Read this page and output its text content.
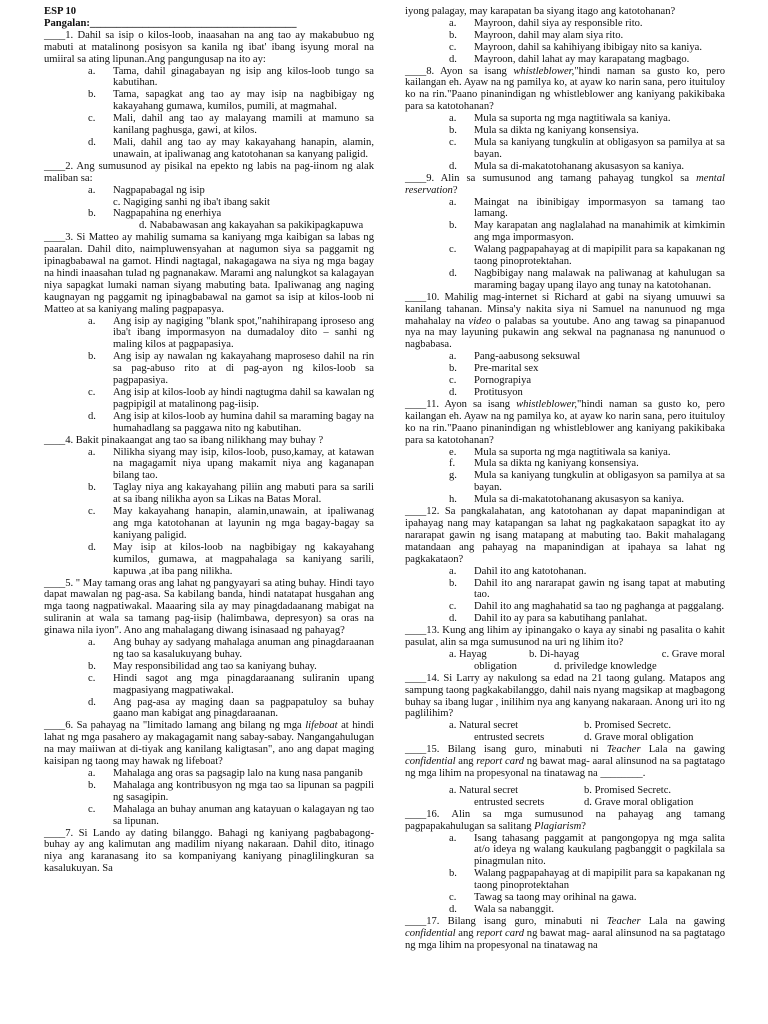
ESP 10
Pangalan:_______________________________________
____1. Dahil sa isip o kilos-loob, inaasahan na ang tao ay makabubuo ng mabuti at matalinong posisyon sa kanila ng ibat' ibang isyung moral na umiiral sa ating lipunan.Ang pangungusap na ito ay:
a.	Tama, dahil ginagabayan ng isip ang kilos-loob tungo sa kabutihan.
b.	Tama, sapagkat ang tao ay may isip na nagbibigay ng kakayahang gumawa, kumilos, pumili, at magmahal.
c.	Mali, dahil ang tao ay malayang mamili at mamuno sa kanilang paghusga, gawi, at kilos.
d.	Mali, dahil ang tao ay may kakayahang hanapin, alamin, unawain, at ipaliwanag ang katotohanan sa kanyang paligid.
____2. Ang sumusunod ay pisikal na epekto ng labis na pag-iinom ng alak maliban sa:
a.	Nagpapabagal ng isip
c. Nagiging sanhi ng iba't ibang sakit
b.	Nagpapahina ng enerhiya
d. Nababawasan ang kakayahan sa pakikipagkapuwa
____3. Si Matteo ay mahilig sumama sa kaniyang mga kaibigan sa labas ng paaralan. Dahil dito, naimpluwensyahan at nagumon siya sa paggamit ng ipinagbabawal na gamot. Hindi nagtagal, nakagagawa na siya ng mga bagay na hindi inaasahan tulad ng pagnanakaw. Marami ang nalungkot sa kalagayan niya sapagkat lumaki naman siyang mabuting bata. Ipaliwanag ang naging kaugnayan ng paggamit ng ipinagbabawal na gamot sa isip at kilos-loob ni Matteo at sa kaniyang maling pagpapasya.
a.	Ang isip ay nagiging "blank spot,"nahihirapang iproseso ang iba't ibang impormasyon na dumadaloy dito – sanhi ng maling kilos at pagpapasiya.
b.	Ang isip ay nawalan ng kakayahang maproseso dahil na rin sa pag-abuso rito at di pag-ayon ng kilos-loob sa pagpapasiya.
c.	Ang isip at kilos-loob ay hindi nagtugma dahil sa kawalan ng pagpipigil at matalinong pag-iisip.
d.	Ang isip at kilos-loob ay humina dahil sa maraming bagay na humahadlang sa paggawa nito ng kabutihan.
____4. Bakit pinakaangat ang tao sa ibang nilikhang may buhay ?
a.	Nilikha siyang may isip, kilos-loob, puso,kamay, at katawan na magagamit niya upang makamit niya ang kaganapan bilang tao.
b.	Taglay niya ang kakayahang piliin ang mabuti para sa sarili at sa ibang nilikha ayon sa Likas na Batas Moral.
c.	May kakayahang hanapin, alamin,unawain, at ipaliwanag ang mga katotohanan at layunin ng mga bagay-bagay sa kaniyang paligid.
d.	May isip at kilos-loob na nagbibigay ng kakayahang kumilos, gumawa, at magpahalaga sa kaniyang sarili, kapuwa ,at iba pang nilikha.
____5. " May tamang oras ang lahat ng pangyayari sa ating buhay. Hindi tayo dapat mawalan ng pag-asa. Sa kabilang banda, hindi natatapat husgahan ang mga taong nagpatiwakal. Maaaring sila ay may pinagdadaanang mabigat na suliranin at wala sa tamang pag-iisip (halimbawa, depresyon) sa oras na ginawa nila iyon". Ano ang mahalagang diwang isinasaad ng pahayag?
a.	Ang buhay ay sadyang mahalaga anuman ang pinagdaraanan ng tao sa kasalukuyang buhay.
b.	May responsibilidad ang tao sa kaniyang buhay.
c.	Hindi sagot ang mga pinagdaraanang suliranin upang magpasiyang magpatiwakal.
d.	Ang pag-asa ay maging daan sa pagpapatuloy sa buhay gaano man kabigat ang pinagdaraanan.
____6. Sa pahayag na "limitado lamang ang bilang ng mga lifeboat at hindi lahat ng mga pasahero ay makagagamit nang sabay-sabay. Nangangahulugan na may maiiwan at di-tiyak ang kanilang kaligtasan", ano ang dapat maging kaisipan ng taong may hawak ng lifeboat?
a.	Mahalaga ang oras sa pagsagip lalo na kung nasa panganib
b.	Mahalaga ang kontribusyon ng mga tao sa lipunan sa pagpili ng sasagipin.
c.	Mahalaga an buhay anuman ang katayuan o kalagayan ng tao sa lipunan.
____7. Si Lando ay dating bilanggo. Bahagi ng kaniyang pagbabagong-buhay ay ang kalimutan ang madilim niyang nakaraan. Dahil dito, itinago niya ang karanasang ito sa kompaniyang kaniyang pinaglilingkuran sa kasalukuyan. Sa
iyong palagay, may karapatan ba siyang itago ang katotohanan?
a.	Mayroon, dahil siya ay responsible rito.
b.	Mayroon, dahil may alam siya rito.
c.	Mayroon, dahil sa kahihiyang ibibigay nito sa kaniya.
d.	Mayroon, dahil lahat ay may karapatang magbago.
____8. Ayon sa isang whistleblower,"hindi naman sa gusto ko, pero kailangan eh. Ayaw na ng pamilya ko, at ayaw ko narin sana, pero ituituloy ko na rin."Paano pinanindigan ng whistleblower ang kaniyang pakikibaka para sa katotohanan?
a.	Mula sa suporta ng mga nagtitiwala sa kaniya.
b.	Mula sa dikta ng kaniyang konsensiya.
c.	Mula sa kaniyang tungkulin at obligasyon sa pamilya at sa bayan.
d.	Mula sa di-makatotohanang akusasyon sa kaniya.
____9. Alin sa sumusunod ang tamang pahayag tungkol sa mental reservation?
a.	Maingat na ibinibigay impormasyon sa tamang tao lamang.
b.	May karapatan ang naglalahad na manahimik at kimkimin ang mga impormasyon.
c.	Walang pagpapahayag at di mapipilit para sa kapakanan ng taong pinoprotektahan.
d.	Nagbibigay nang malawak na paliwanag at kahulugan sa maraming bagay upang ilayo ang tunay na katotohanan.
____10. Mahilig mag-internet si Richard at gabi na siyang umuuwi sa kanilang tahanan. Minsa'y nakita siya ni Samuel na nanunuod ng mga mahahalay na video o palabas sa youtube. Ano ang tawag sa pinapanuod nya na may layuning pukawin ang sekwal na pagnanasa ng nanunuod o nagbabasa.
a.	Pang-aabusong seksuwal
b.	Pre-marital sex
c.	Pornograpiya
d.	Protitusyon
____11. Ayon sa isang whistleblower,"hindi naman sa gusto ko, pero kailangan eh. Ayaw na ng pamilya ko, at ayaw ko narin sana, pero ituituloy ko na rin."Paano pinanindigan ng whistleblower ang kaniyang pakikibaka para sa katotohanan?
e.	Mula sa suporta ng mga nagtitiwala sa kaniya.
f.	Mula sa dikta ng kaniyang konsensiya.
g.	Mula sa kaniyang tungkulin at obligasyon sa pamilya at sa bayan.
h.	Mula sa di-makatotohanang akusasyon sa kaniya.
____12. Sa pangkalahatan, ang katotohanan ay dapat mapanindigan at ipahayag nang may katapangan sa lahat ng pagkakataon sapagkat ito ay nararapat gawin ng isang matapang at mabuting tao. Bakit mahalagang matandaan ang pahayag na mapanindigan at ipahaya sa lahat ng pagkakataon?
a.	Dahil ito ang katotohanan.
b.	Dahil ito ang nararapat gawin ng isang tapat at mabuting tao.
c.	Dahil ito ang maghahatid sa tao ng paghanga at paggalang.
d.	Dahil ito ay para sa kabutihang panlahat.
____13. Kung ang lihim ay ipinangako o kaya ay sinabi ng pasalita o kahit pasulat, alin sa mga sumusunod na uri ng lihim ito?
a. Hayag	b. Di-hayag	c. Grave moral
obligation	d. priviledge knowledge
____14. Si Larry ay nakulong sa edad na 21 taong gulang. Matapos ang sampung taong pagkakabilanggo, dahil nais nyang magsikap at magbagong buhay sa ibang lugar , inilihim nya ang kanyang nakaraan. Anong uri ito ng paglilihim?
a. Natural secret	b. Promised Secretc.
entrusted secrets	d. Grave moral obligation
____15. Bilang isang guro, minabuti ni Teacher Lala na gawing confidential ang report card ng bawat mag- aaral alinsunod na sa pagtatago ng mga lihim na propesyonal na tinatawag na ________.
a. Natural secret	b. Promised Secretc.
entrusted secrets	d. Grave moral obligation
____16. Alin sa mga sumusunod na pahayag ang tamang pagpapakahulugan sa salitang Plagiarism?
a.	Isang tahasang paggamit at pangongopya ng mga salita at/o ideya ng walang kaukulang pagbanggit o pagkilala sa pinagmulan nito.
b.	Walang pagpapahayag at di mapipilit para sa kapakanan ng taong pinoprotektahan
c.	Tawag sa taong may orihinal na gawa.
d.	Wala sa nabanggit.
____17. Bilang isang guro, minabuti ni Teacher Lala na gawing confidential ang report card ng bawat mag- aaral alinsunod na sa pagtatago ng mga lihim na propesyonal na tinatawag na
